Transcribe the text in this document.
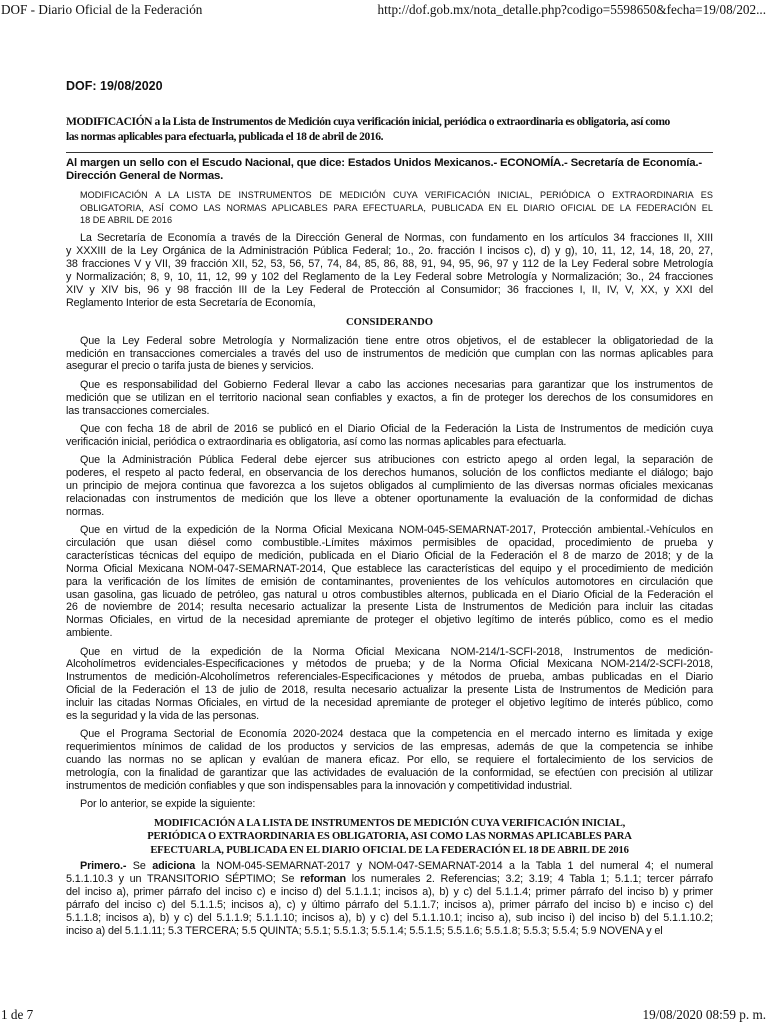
DOF - Diario Oficial de la Federación	http://dof.gob.mx/nota_detalle.php?codigo=5598650&fecha=19/08/202...
DOF: 19/08/2020
MODIFICACIÓN a la Lista de Instrumentos de Medición cuya verificación inicial, periódica o extraordinaria es obligatoria, así como
las normas aplicables para efectuarla, publicada el 18 de abril de 2016.
Al margen un sello con el Escudo Nacional, que dice: Estados Unidos Mexicanos.- ECONOMÍA.- Secretaría de Economía.-
Dirección General de Normas.
MODIFICACIÓN A LA LISTA DE INSTRUMENTOS DE MEDICIÓN CUYA VERIFICACIÓN INICIAL, PERIÓDICA O EXTRAORDINARIA ES
OBLIGATORIA, ASÍ COMO LAS NORMAS APLICABLES PARA EFECTUARLA, PUBLICADA EN EL DIARIO OFICIAL DE LA FEDERACIÓN EL
18 DE ABRIL DE 2016

La Secretaría de Economía a través de la Dirección General de Normas, con fundamento en los artículos 34 fracciones II, XIII
y XXXIII de la Ley Orgánica de la Administración Pública Federal; 1o., 2o. fracción I incisos c), d) y g), 10, 11, 12, 14, 18, 20, 27,
38 fracciones V y VII, 39 fracción XII, 52, 53, 56, 57, 74, 84, 85, 86, 88, 91, 94, 95, 96, 97 y 112 de la Ley Federal sobre Metrología
y Normalización; 8, 9, 10, 11, 12, 99 y 102 del Reglamento de la Ley Federal sobre Metrología y Normalización; 3o., 24 fracciones
XIV y XIV bis, 96 y 98 fracción III de la Ley Federal de Protección al Consumidor; 36 fracciones I, II, IV, V, XX, y XXI del
Reglamento Interior de esta Secretaría de Economía,

CONSIDERANDO

Que la Ley Federal sobre Metrología y Normalización tiene entre otros objetivos, el de establecer la obligatoriedad de la
medición en transacciones comerciales a través del uso de instrumentos de medición que cumplan con las normas aplicables para
asegurar el precio o tarifa justa de bienes y servicios.

Que es responsabilidad del Gobierno Federal llevar a cabo las acciones necesarias para garantizar que los instrumentos de
medición que se utilizan en el territorio nacional sean confiables y exactos, a fin de proteger los derechos de los consumidores en
las transacciones comerciales.

Que con fecha 18 de abril de 2016 se publicó en el Diario Oficial de la Federación la Lista de Instrumentos de medición cuya
verificación inicial, periódica o extraordinaria es obligatoria, así como las normas aplicables para efectuarla.

Que la Administración Pública Federal debe ejercer sus atribuciones con estricto apego al orden legal, la separación de
poderes, el respeto al pacto federal, en observancia de los derechos humanos, solución de los conflictos mediante el diálogo; bajo
un principio de mejora continua que favorezca a los sujetos obligados al cumplimiento de las diversas normas oficiales mexicanas
relacionadas con instrumentos de medición que los lleve a obtener oportunamente la evaluación de la conformidad de dichas
normas.

Que en virtud de la expedición de la Norma Oficial Mexicana NOM-045-SEMARNAT-2017, Protección ambiental.-Vehículos en
circulación que usan diésel como combustible.-Límites máximos permisibles de opacidad, procedimiento de prueba y
características técnicas del equipo de medición, publicada en el Diario Oficial de la Federación el 8 de marzo de 2018; y de la
Norma Oficial Mexicana NOM-047-SEMARNAT-2014, Que establece las características del equipo y el procedimiento de medición
para la verificación de los límites de emisión de contaminantes, provenientes de los vehículos automotores en circulación que
usan gasolina, gas licuado de petróleo, gas natural u otros combustibles alternos, publicada en el Diario Oficial de la Federación el
26 de noviembre de 2014; resulta necesario actualizar la presente Lista de Instrumentos de Medición para incluir las citadas
Normas Oficiales, en virtud de la necesidad apremiante de proteger el objetivo legítimo de interés público, como es el medio
ambiente.

Que en virtud de la expedición de la Norma Oficial Mexicana NOM-214/1-SCFI-2018, Instrumentos de medición-
Alcoholímetros evidenciales-Especificaciones y métodos de prueba; y de la Norma Oficial Mexicana NOM-214/2-SCFI-2018,
Instrumentos de medición-Alcoholímetros referenciales-Especificaciones y métodos de prueba, ambas publicadas en el Diario
Oficial de la Federación el 13 de julio de 2018, resulta necesario actualizar la presente Lista de Instrumentos de Medición para
incluir las citadas Normas Oficiales, en virtud de la necesidad apremiante de proteger el objetivo legítimo de interés público, como
es la seguridad y la vida de las personas.

Que el Programa Sectorial de Economía 2020-2024 destaca que la competencia en el mercado interno es limitada y exige
requerimientos mínimos de calidad de los productos y servicios de las empresas, además de que la competencia se inhibe
cuando las normas no se aplican y evalúan de manera eficaz. Por ello, se requiere el fortalecimiento de los servicios de
metrología, con la finalidad de garantizar que las actividades de evaluación de la conformidad, se efectúen con precisión al utilizar
instrumentos de medición confiables y que son indispensables para la innovación y competitividad industrial.

Por lo anterior, se expide la siguiente:

MODIFICACIÓN A LA LISTA DE INSTRUMENTOS DE MEDICIÓN CUYA VERIFICACIÓN INICIAL,
PERIÓDICA O EXTRAORDINARIA ES OBLIGATORIA, ASI COMO LAS NORMAS APLICABLES PARA
EFECTUARLA, PUBLICADA EN EL DIARIO OFICIAL DE LA FEDERACIÓN EL 18 DE ABRIL DE 2016

Primero.- Se adiciona la NOM-045-SEMARNAT-2017 y NOM-047-SEMARNAT-2014 a la Tabla 1 del numeral 4; el numeral
5.1.1.10.3 y un TRANSITORIO SÉPTIMO; Se reforman los numerales 2. Referencias; 3.2; 3.19; 4 Tabla 1; 5.1.1; tercer párrafo
del inciso a), primer párrafo del inciso c) e inciso d) del 5.1.1.1; incisos a), b) y c) del 5.1.1.4; primer párrafo del inciso b) y primer
párrafo del inciso c) del 5.1.1.5; incisos a), c) y último párrafo del 5.1.1.7; incisos a), primer párrafo del inciso b) e inciso c) del
5.1.1.8; incisos a), b) y c) del 5.1.1.9; 5.1.1.10; incisos a), b) y c) del 5.1.1.10.1; inciso a), sub inciso i) del inciso b) del 5.1.1.10.2;
inciso a) del 5.1.1.11; 5.3 TERCERA; 5.5 QUINTA; 5.5.1; 5.5.1.3; 5.5.1.4; 5.5.1.5; 5.5.1.6; 5.5.1.8; 5.5.3; 5.5.4; 5.9 NOVENA y el

1 de 7	19/08/2020 08:59 p. m.
